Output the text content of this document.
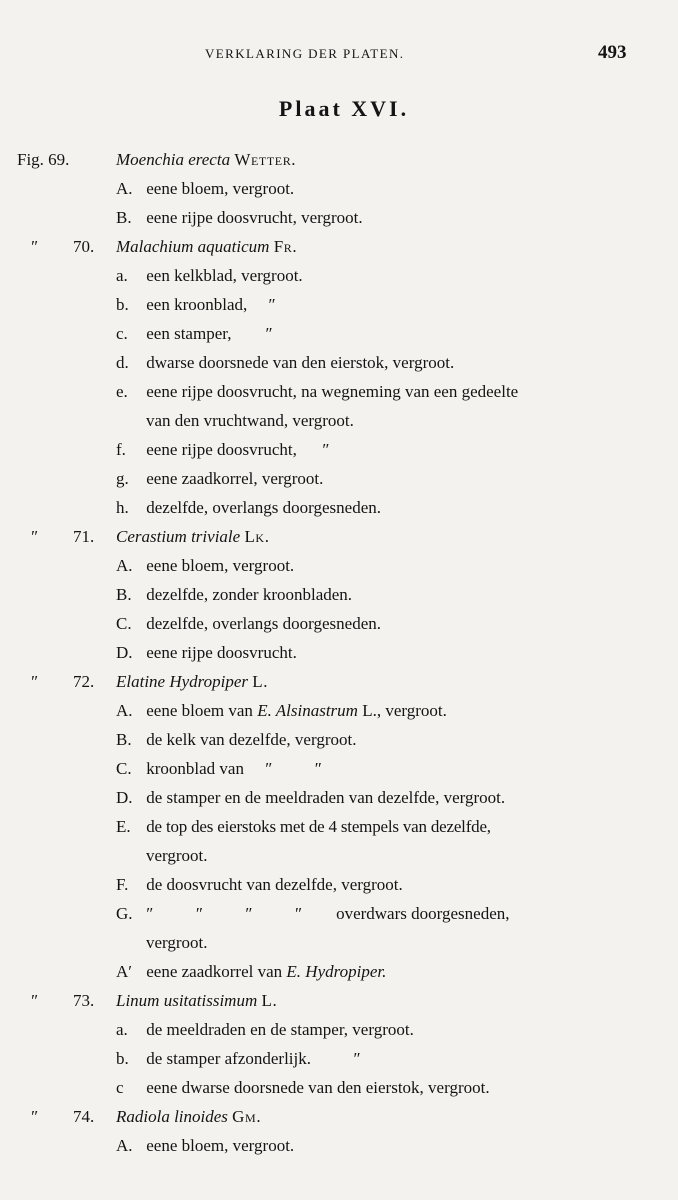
VERKLARING DER PLATEN.	493
Plaat XVI.
Fig. 69.	Moenchia erecta Wetter.
A. eene bloem, vergroot.
B. eene rijpe doosvrucht, vergroot.
″ 70. Malachium aquaticum Fr.
a. een kelkblad, vergroot.
b. een kroonblad,     ″
c. een stamper,        ″
d. dwarse doorsnede van den eierstok, vergroot.
e. eene rijpe doosvrucht, na wegneming van een gedeelte
van den vruchtwand, vergroot.
f. eene rijpe doosvrucht,      ″
g. eene zaadkorrel, vergroot.
h. dezelfde, overlangs doorgesneden.
″ 71. Cerastium triviale Lk.
A. eene bloem, vergroot.
B. dezelfde, zonder kroonbladen.
C. dezelfde, overlangs doorgesneden.
D. eene rijpe doosvrucht.
″ 72. Elatine Hydropiper L.
A. eene bloem van E. Alsinastrum L., vergroot.
B. de kelk van dezelfde, vergroot.
C. kroonblad van     ″          ″
D. de stamper en de meeldraden van dezelfde, vergroot.
E. de top des eierstoks met de 4 stempels van dezelfde,
vergroot.
F. de doosvrucht van dezelfde, vergroot.
G. ″          ″          ″          ″        overdwars doorgesneden,
vergroot.
A′ eene zaadkorrel van E. Hydropiper.
″ 73. Linum usitatissimum L.
a. de meeldraden en de stamper, vergroot.
b. de stamper afzonderlijk.          ″
c eene dwarse doorsnede van den eierstok, vergroot.
″ 74. Radiola linoides Gm.
A. eene bloem, vergroot.
